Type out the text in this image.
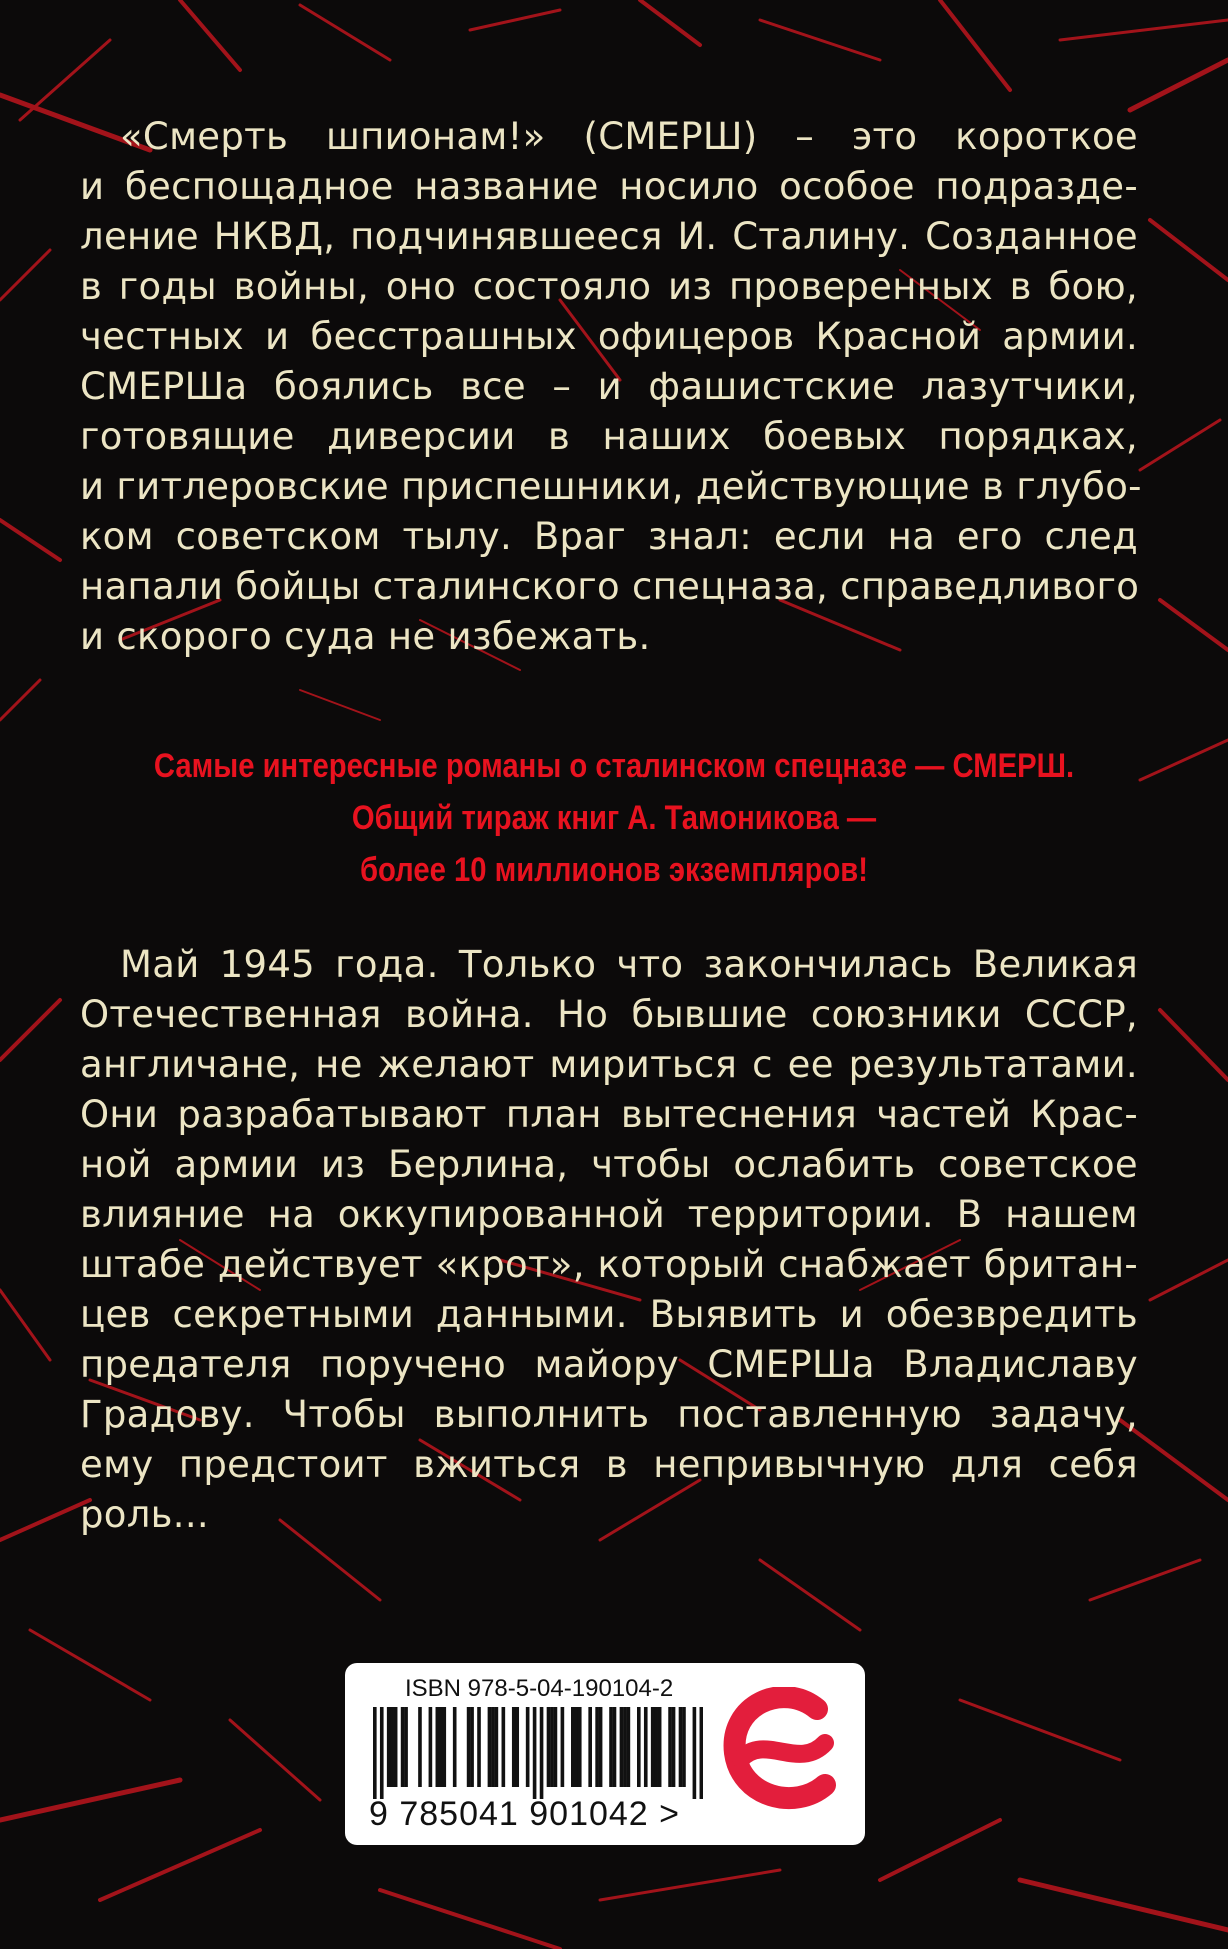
«Смерть шпионам!» (СМЕРШ) – это короткое
и беспощадное название носило особое подразде-
ление НКВД, подчинявшееся И. Сталину. Созданное
в годы войны, оно состояло из проверенных в бою,
честных и бесстрашных офицеров Красной армии.
СМЕРШа боялись все – и фашистские лазутчики,
готовящие диверсии в наших боевых порядках,
и гитлеровские приспешники, действующие в глубо-
ком советском тылу. Враг знал: если на его след
напали бойцы сталинского спецназа, справедливого
и скорого суда не избежать.
Самые интересные романы о сталинском спецназе — СМЕРШ.
Общий тираж книг А. Тамоникова —
более 10 миллионов экземпляров!
Май 1945 года. Только что закончилась Великая
Отечественная война. Но бывшие союзники СССР,
англичане, не желают мириться с ее результатами.
Они разрабатывают план вытеснения частей Крас-
ной армии из Берлина, чтобы ослабить советское
влияние на оккупированной территории. В нашем
штабе действует «крот», который снабжает британ-
цев секретными данными. Выявить и обезвредить
предателя поручено майору СМЕРШа Владиславу
Градову. Чтобы выполнить поставленную задачу,
ему предстоит вжиться в непривычную для себя
роль...
ISBN 978-5-04-190104-2
9 785041 901042 >
